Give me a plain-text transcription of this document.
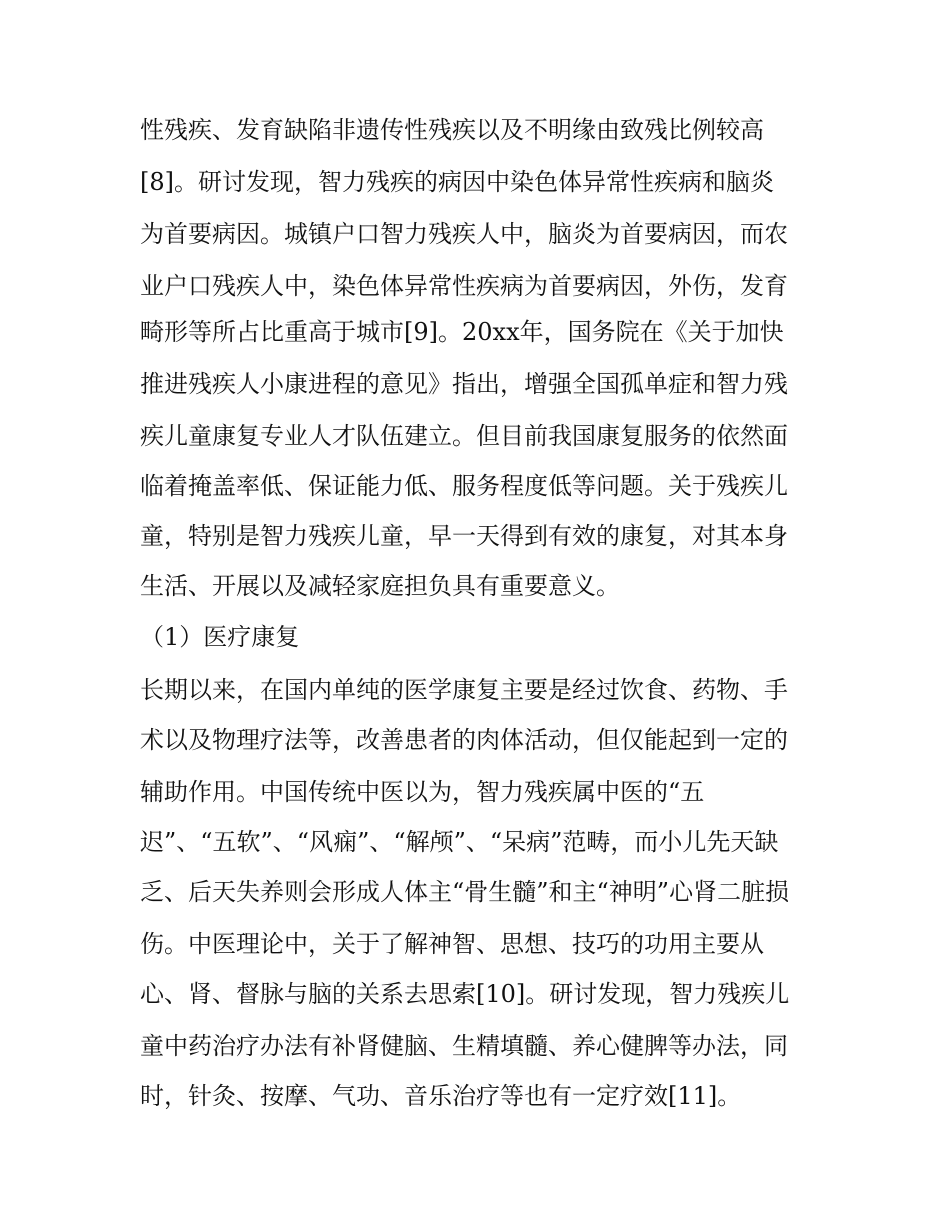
性残疾、发育缺陷非遗传性残疾以及不明缘由致残比例较高
[8]。研讨发现，智力残疾的病因中染色体异常性疾病和脑炎
为首要病因。城镇户口智力残疾人中，脑炎为首要病因，而农
业户口残疾人中，染色体异常性疾病为首要病因，外伤，发育
畸形等所占比重高于城市[9]。20xx年，国务院在《关于加快
推进残疾人小康进程的意见》指出，增强全国孤单症和智力残
疾儿童康复专业人才队伍建立。但目前我国康复服务的依然面
临着掩盖率低、保证能力低、服务程度低等问题。关于残疾儿
童，特别是智力残疾儿童，早一天得到有效的康复，对其本身
生活、开展以及减轻家庭担负具有重要意义。
（1）医疗康复
长期以来，在国内单纯的医学康复主要是经过饮食、药物、手
术以及物理疗法等，改善患者的肉体活动，但仅能起到一定的
辅助作用。中国传统中医以为，智力残疾属中医的“五
迟”、“五软”、“风痫”、“解颅”、“呆病”范畴，而小儿先天缺
乏、后天失养则会形成人体主“骨生髓”和主“神明”心肾二脏损
伤。中医理论中，关于了解神智、思想、技巧的功用主要从
心、肾、督脉与脑的关系去思索[10]。研讨发现，智力残疾儿
童中药治疗办法有补肾健脑、生精填髓、养心健脾等办法，同
时，针灸、按摩、气功、音乐治疗等也有一定疗效[11]。
